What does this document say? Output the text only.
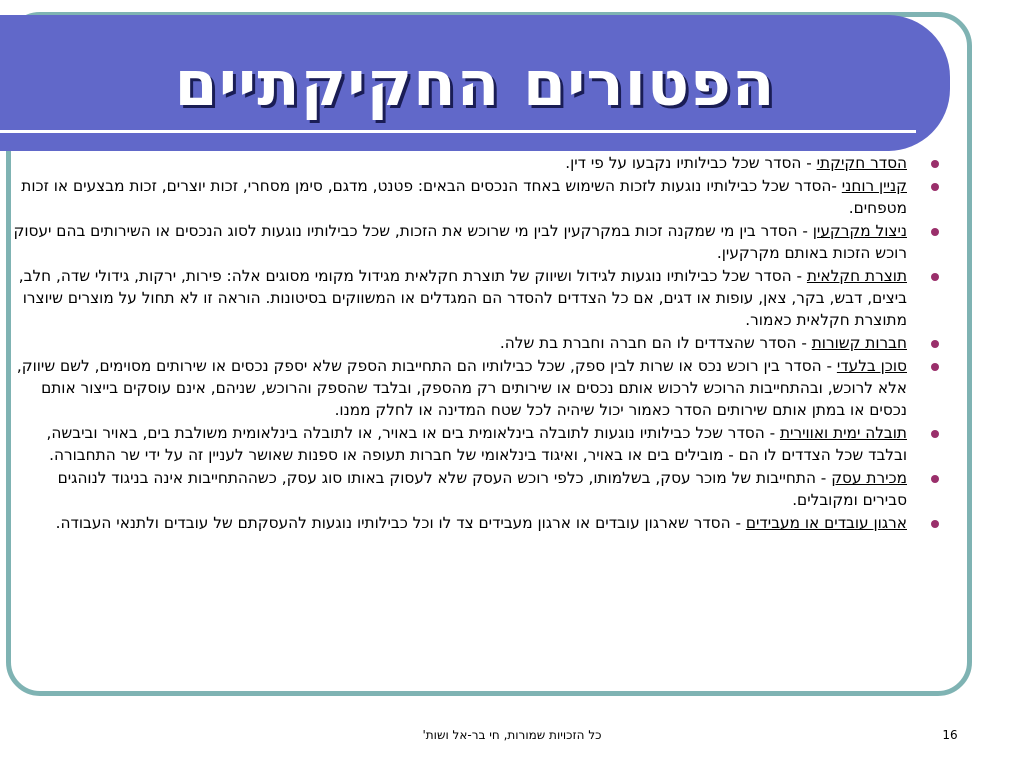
הפטורים החקיקתיים
הסדר חקיקתי - הסדר שכל כבילותיו נקבעו על פי דין.
קניין רוחני -הסדר שכל כבילותיו נוגעות לזכות השימוש באחד הנכסים הבאים: פטנט, מדגם, סימן מסחרי, זכות יוצרים, זכות מבצעים או זכות מטפחים.
ניצול מקרקעין - הסדר בין מי שמקנה זכות במקרקעין לבין מי שרוכש את הזכות, שכל כבילותיו נוגעות לסוג הנכסים או השירותים בהם יעסוק רוכש הזכות באותם מקרקעין.
תוצרת חקלאית - הסדר שכל כבילותיו נוגעות לגידול ושיווק של תוצרת חקלאית מגידול מקומי מסוגים אלה: פירות, ירקות, גידולי שדה, חלב, ביצים, דבש, בקר, צאן, עופות או דגים, אם כל הצדדים להסדר הם המגדלים או המשווקים בסיטונות. הוראה זו לא תחול על מוצרים שיוצרו מתוצרת חקלאית כאמור.
חברות קשורות - הסדר שהצדדים לו הם חברה וחברת בת שלה.
סוכן בלעדי - הסדר בין רוכש נכס או שרות לבין ספק, שכל כבילותיו הם התחייבות הספק שלא יספק נכסים או שירותים מסוימים, לשם שיווק, אלא לרוכש, ובהתחייבות הרוכש לרכוש אותם נכסים או שירותים רק מהספק, ובלבד שהספק והרוכש, שניהם, אינם עוסקים בייצור אותם נכסים או במתן אותם שירותים הסדר כאמור יכול שיהיה לכל שטח המדינה או לחלק ממנו.
תובלה ימית ואווירית - הסדר שכל כבילותיו נוגעות לתובלה בינלאומית בים או באויר, או לתובלה בינלאומית משולבת בים, באויר וביבשה, ובלבד שכל הצדדים לו הם - מובילים בים או באויר, ואיגוד בינלאומי של חברות תעופה או ספנות שאושר לעניין זה על ידי שר התחבורה.
מכירת עסק - התחייבות של מוכר עסק, בשלמותו, כלפי רוכש העסק שלא לעסוק באותו סוג עסק, כשההתחייבות אינה בניגוד לנוהגים סבירים ומקובלים.
ארגון עובדים או מעבידים - הסדר שארגון עובדים או ארגון מעבידים צד לו וכל כבילותיו נוגעות להעסקתם של עובדים ולתנאי העבודה.
כל הזכויות שמורות, חי בר-אל ושות'	16
